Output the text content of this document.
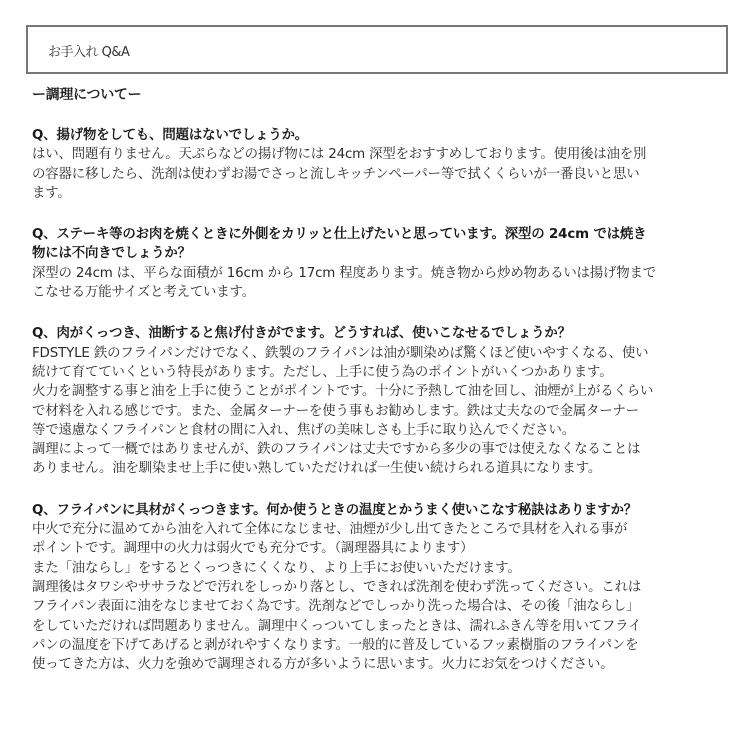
お手入れ Q&A
ー調理についてー
Q、揚げ物をしても、問題はないでしょうか。
はい、問題有りません。天ぷらなどの揚げ物には 24cm 深型をおすすめしております。使用後は油を別
の容器に移したら、洗剤は使わずお湯でさっと流しキッチンペーパー等で拭くくらいが一番良いと思い
ます。
Q、ステーキ等のお肉を焼くときに外側をカリッと仕上げたいと思っています。深型の 24cm では焼き
物には不向きでしょうか？
深型の 24cm は、平らな面積が 16cm から 17cm 程度あります。焼き物から炒め物あるいは揚げ物まで
こなせる万能サイズと考えています。
Q、肉がくっつき、油断すると焦げ付きがでます。どうすれば、使いこなせるでしょうか？
FDSTYLE 鉄のフライパンだけでなく、鉄製のフライパンは油が馴染めば驚くほど使いやすくなる、使い
続けて育てていくという特長があります。ただし、上手に使う為のポイントがいくつかあります。
火力を調整する事と油を上手に使うことがポイントです。十分に予熱して油を回し、油煙が上がるくらい
で材料を入れる感じです。また、金属ターナーを使う事もお勧めします。鉄は丈夫なので金属ターナー
等で遠慮なくフライパンと食材の間に入れ、焦げの美味しさも上手に取り込んでください。
調理によって一概ではありませんが、鉄のフライパンは丈夫ですから多少の事では使えなくなることは
ありません。油を馴染ませ上手に使い熟していただければ一生使い続けられる道具になります。
Q、フライパンに具材がくっつきます。何か使うときの温度とかうまく使いこなす秘訣はありますか？
中火で充分に温めてから油を入れて全体になじませ、油煙が少し出てきたところで具材を入れる事が
ポイントです。調理中の火力は弱火でも充分です。（調理器具によります）
また「油ならし」をするとくっつきにくくなり、より上手にお使いいただけます。
調理後はタワシやササラなどで汚れをしっかり落とし、できれば洗剤を使わず洗ってください。これは
フライパン表面に油をなじませておく為です。洗剤などでしっかり洗った場合は、その後「油ならし」
をしていただければ問題ありません。調理中くっついてしまったときは、濡れふきん等を用いてフライ
パンの温度を下げてあげると剥がれやすくなります。一般的に普及しているフッ素樹脂のフライパンを
使ってきた方は、火力を強めで調理される方が多いように思います。火力にお気をつけください。
